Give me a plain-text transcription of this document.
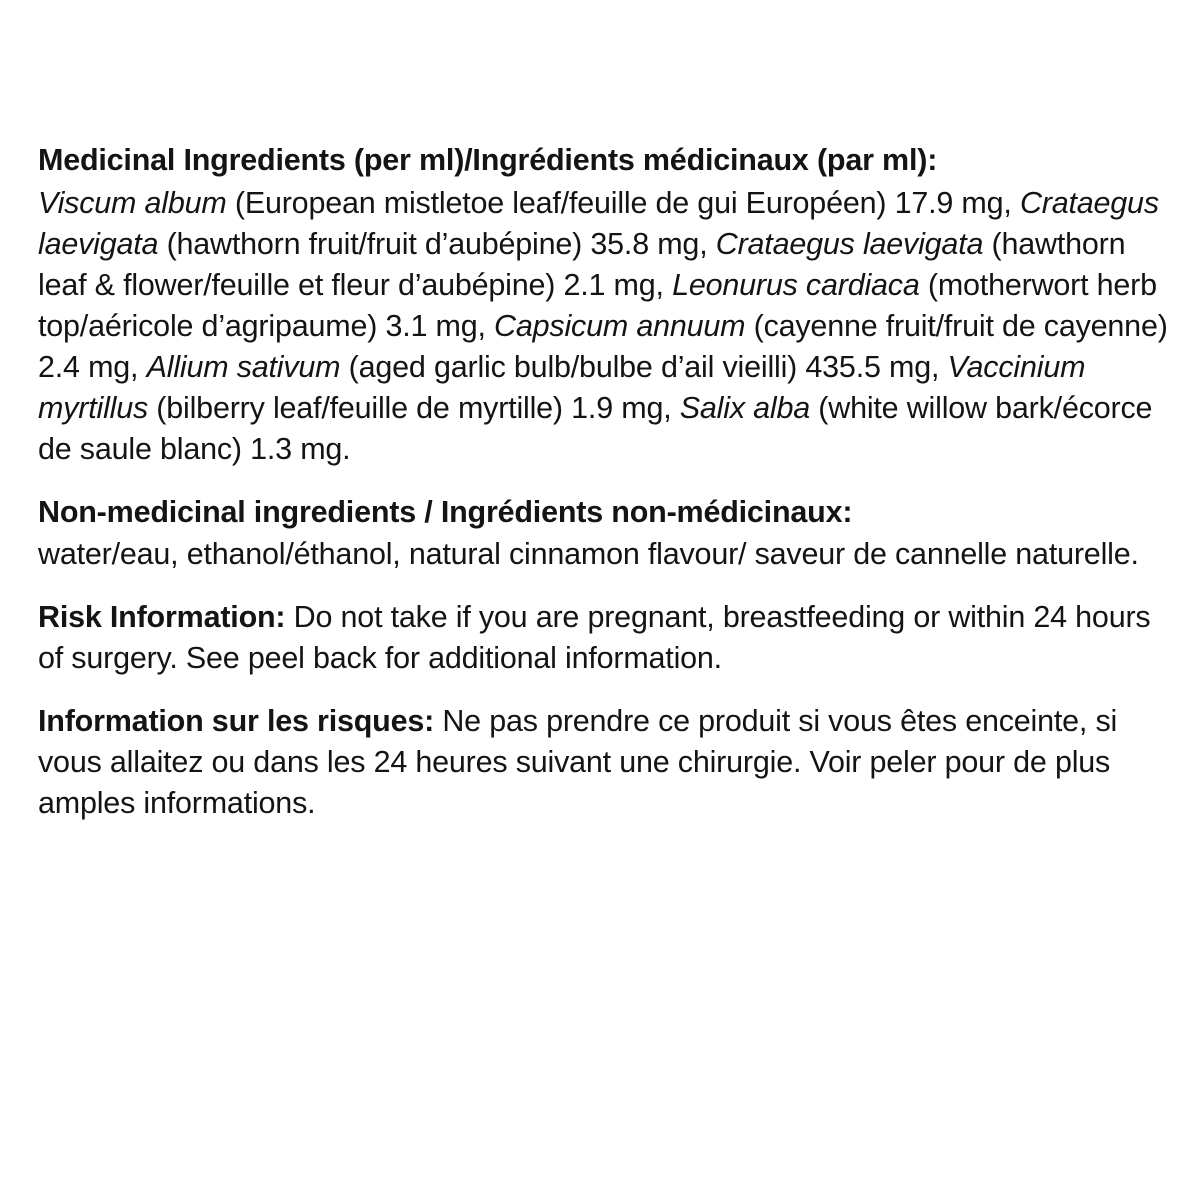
Medicinal Ingredients (per ml)/Ingrédients médicinaux (par ml):

Viscum album (European mistletoe leaf/feuille de gui Européen) 17.9 mg, Crataegus laevigata (hawthorn fruit/fruit d’aubépine) 35.8 mg, Crataegus laevigata (hawthorn leaf & flower/feuille et fleur d’aubépine) 2.1 mg, Leonurus cardiaca (motherwort herb top/aéricole d’agripaume) 3.1 mg, Capsicum annuum (cayenne fruit/fruit de cayenne) 2.4 mg, Allium sativum (aged garlic bulb/bulbe d’ail vieilli) 435.5 mg, Vaccinium myrtillus (bilberry leaf/feuille de myrtille) 1.9 mg, Salix alba (white willow bark/écorce de saule blanc) 1.3 mg.

Non-medicinal ingredients / Ingrédients non-médicinaux:

water/eau, ethanol/éthanol, natural cinnamon flavour/ saveur de cannelle naturelle.

Risk Information: Do not take if you are pregnant, breastfeeding or within 24 hours of surgery. See peel back for additional information.

Information sur les risques: Ne pas prendre ce produit si vous êtes enceinte, si vous allaitez ou dans les 24 heures suivant une chirurgie. Voir peler pour de plus amples informations.
